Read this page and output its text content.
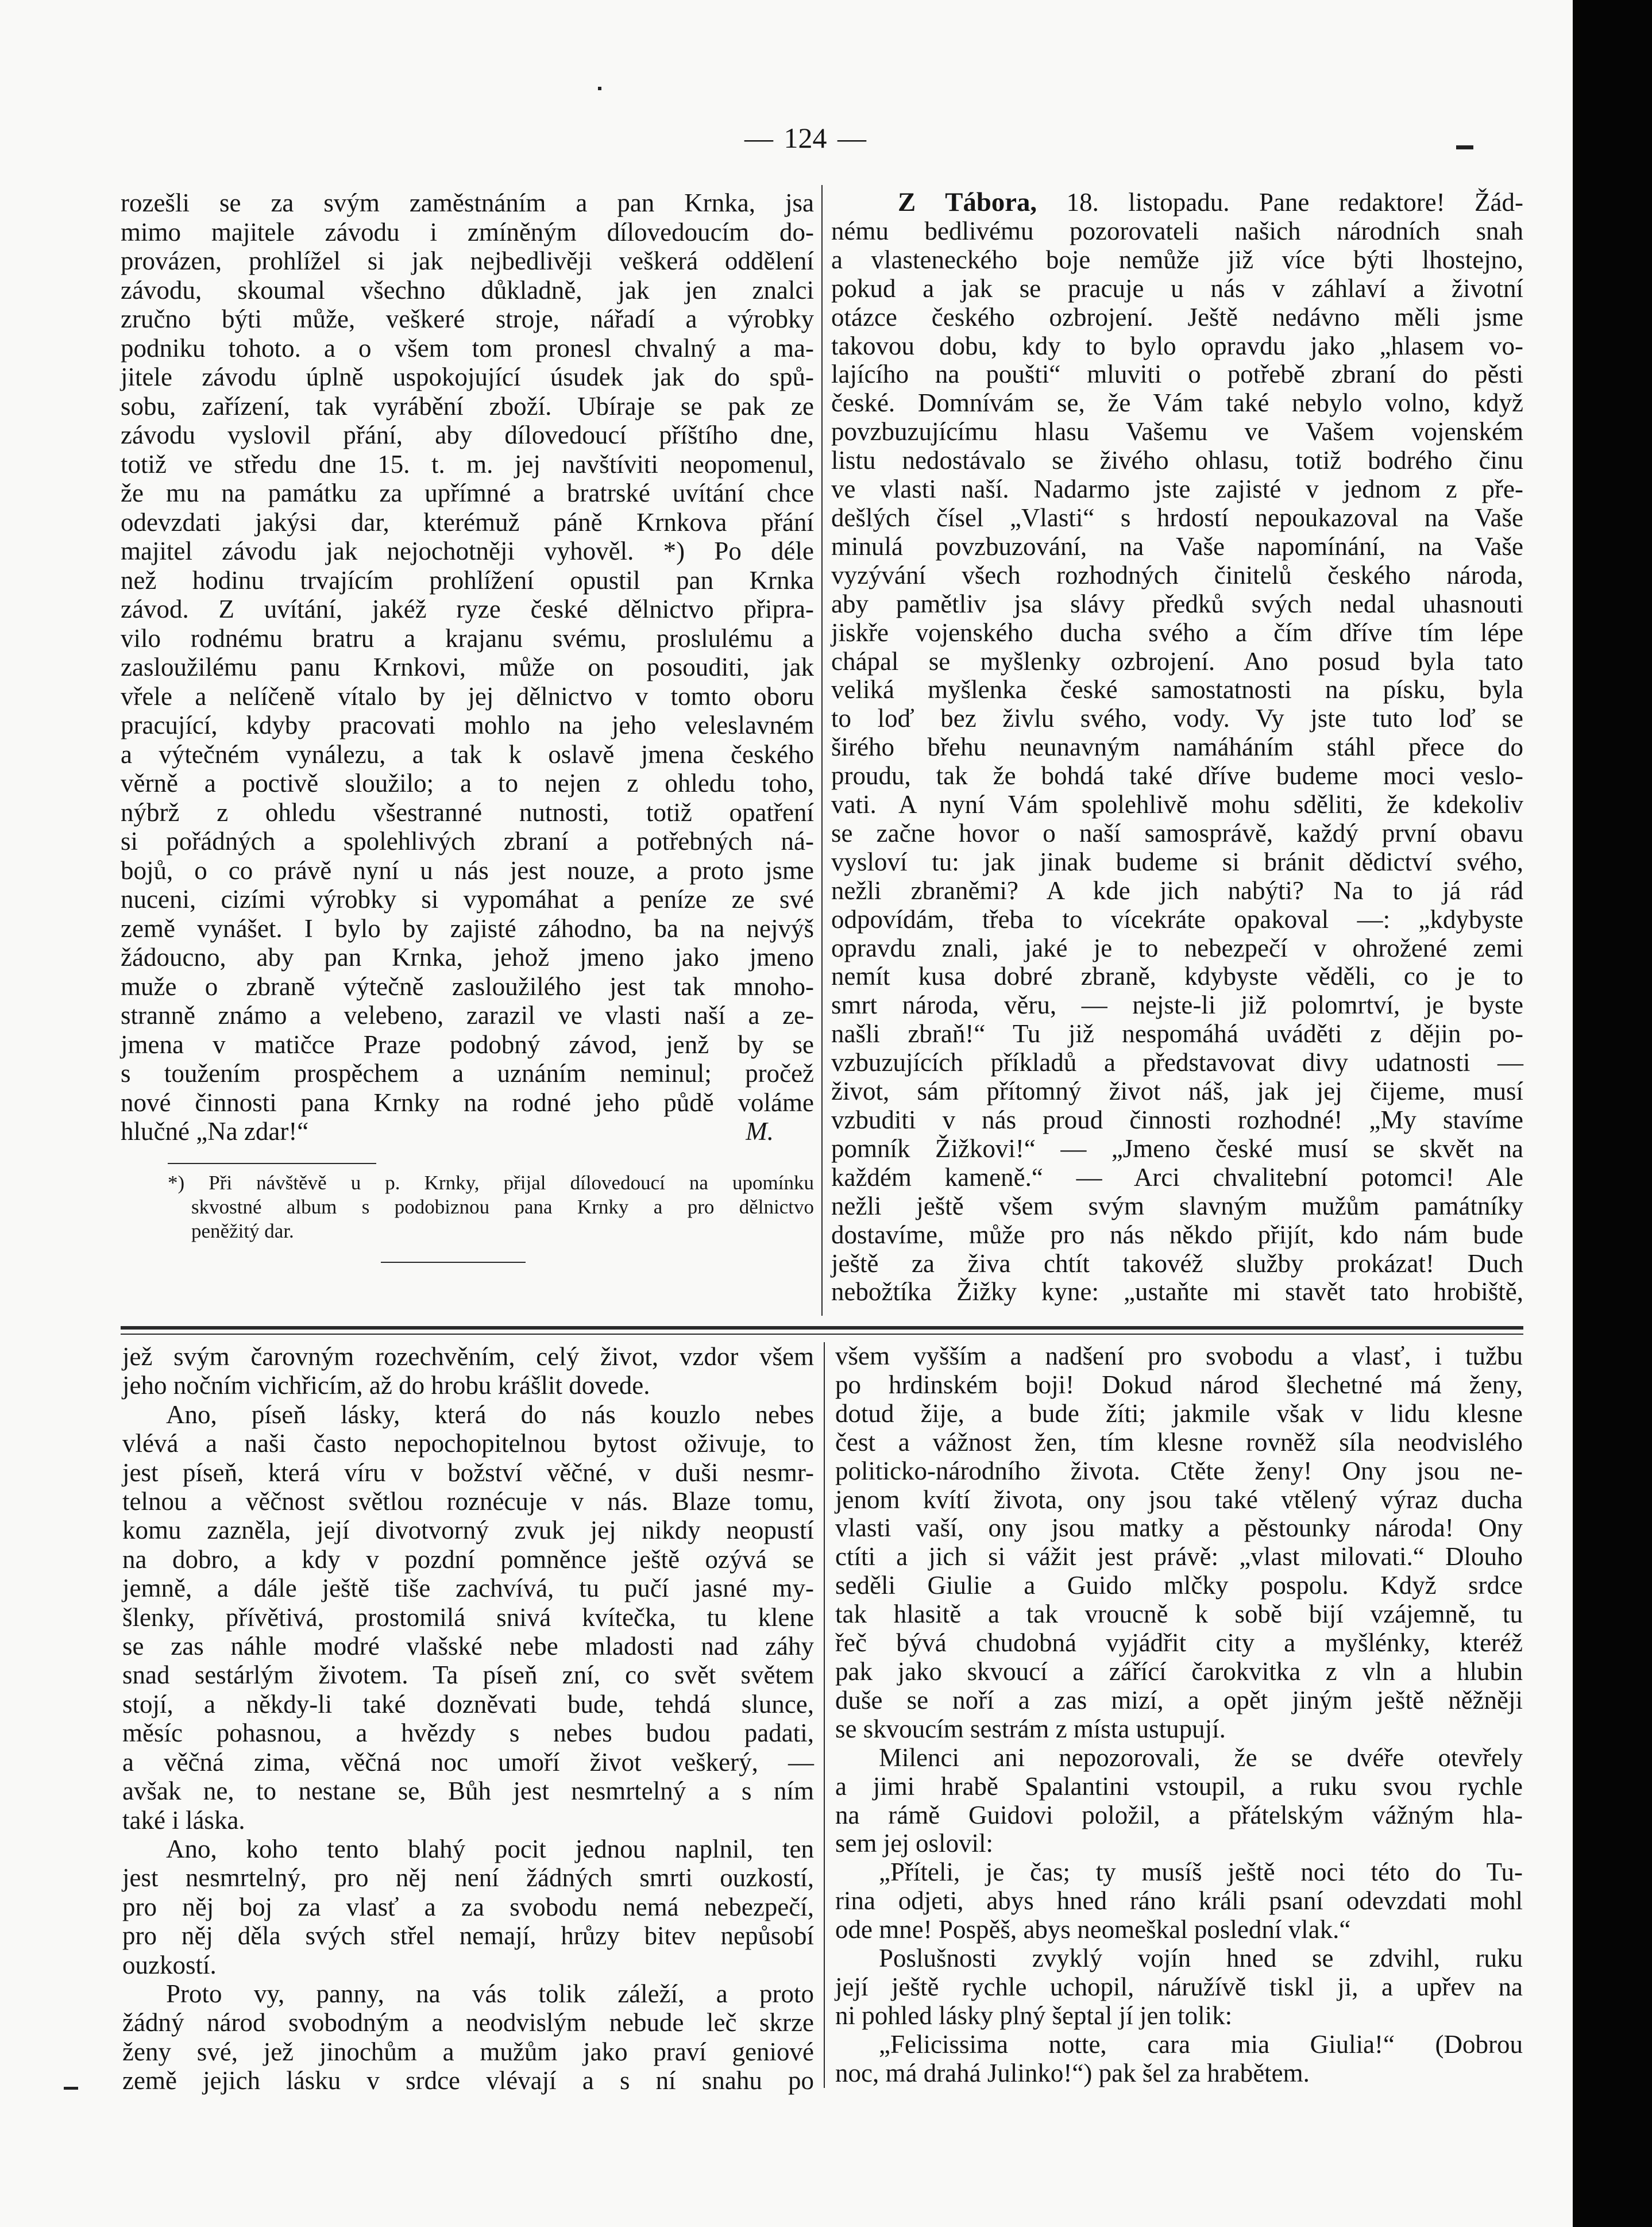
— 124 —
rozešli se za svým zaměstnáním a pan Krnka, jsa
mimo majitele závodu i zmíněným dílovedoucím do-
provázen, prohlížel si jak nejbedlivěji veškerá oddělení
závodu, skoumal všechno důkladně, jak jen znalci
zručno býti může, veškeré stroje, nářadí a výrobky
podniku tohoto. a o všem tom pronesl chvalný a ma-
jitele závodu úplně uspokojující úsudek jak do spů-
sobu, zařízení, tak vyrábění zboží. Ubíraje se pak ze
závodu vyslovil přání, aby dílovedoucí příštího dne,
totiž ve středu dne 15. t. m. jej navštíviti neopomenul,
že mu na památku za upřímné a bratrské uvítání chce
odevzdati jakýsi dar, kterémuž páně Krnkova přání
majitel závodu jak nejochotněji vyhověl. *) Po déle
než hodinu trvajícím prohlížení opustil pan Krnka
závod. Z uvítání, jakéž ryze české dělnictvo připra-
vilo rodnému bratru a krajanu svému, proslulému a
zasloužilému panu Krnkovi, může on posouditi, jak
vřele a nelíčeně vítalo by jej dělnictvo v tomto oboru
pracující, kdyby pracovati mohlo na jeho veleslavném
a výtečném vynálezu, a tak k oslavě jmena českého
věrně a poctivě sloužilo; a to nejen z ohledu toho,
nýbrž z ohledu všestranné nutnosti, totiž opatření
si pořádných a spolehlivých zbraní a potřebných ná-
bojů, o co právě nyní u nás jest nouze, a proto jsme
nuceni, cizími výrobky si vypomáhat a peníze ze své
země vynášet. I bylo by zajisté záhodno, ba na nejvýš
žádoucno, aby pan Krnka, jehož jmeno jako jmeno
muže o zbraně výtečně zasloužilého jest tak mnoho-
stranně známo a velebeno, zarazil ve vlasti naší a ze-
jmena v matičce Praze podobný závod, jenž by se
s toužením prospěchem a uznáním neminul; pročež
nové činnosti pana Krnky na rodné jeho půdě voláme
hlučné „Na zdar!“	M.
*) Při návštěvě u p. Krnky, přijal dílovedoucí na upomínku
skvostné album s podobiznou pana Krnky a pro dělnictvo
peněžitý dar.
Z Tábora, 18. listopadu. Pane redaktore! Žád-
nému bedlivému pozorovateli našich národních snah
a vlasteneckého boje nemůže již více býti lhostejno,
pokud a jak se pracuje u nás v záhlaví a životní
otázce českého ozbrojení. Ještě nedávno měli jsme
takovou dobu, kdy to bylo opravdu jako „hlasem vo-
lajícího na poušti“ mluviti o potřebě zbraní do pěsti
české. Domnívám se, že Vám také nebylo volno, když
povzbuzujícímu hlasu Vašemu ve Vašem vojenském
listu nedostávalo se živého ohlasu, totiž bodrého činu
ve vlasti naší. Nadarmo jste zajisté v jednom z pře-
dešlých čísel „Vlasti“ s hrdostí nepoukazoval na Vaše
minulá povzbuzování, na Vaše napomínání, na Vaše
vyzývání všech rozhodných činitelů českého národa,
aby pamětliv jsa slávy předků svých nedal uhasnouti
jiskře vojenského ducha svého a čím dříve tím lépe
chápal se myšlenky ozbrojení. Ano posud byla tato
veliká myšlenka české samostatnosti na písku, byla
to loď bez živlu svého, vody. Vy jste tuto loď se
širého břehu neunavným namáháním stáhl přece do
proudu, tak že bohdá také dříve budeme moci veslo-
vati. A nyní Vám spolehlivě mohu sděliti, že kdekoliv
se začne hovor o naší samosprávě, každý první obavu
vysloví tu: jak jinak budeme si bránit dědictví svého,
nežli zbraněmi? A kde jich nabýti? Na to já rád
odpovídám, třeba to vícekráte opakoval —: „kdybyste
opravdu znali, jaké je to nebezpečí v ohrožené zemi
nemít kusa dobré zbraně, kdybyste věděli, co je to
smrt národa, věru, — nejste-li již polomrtví, je byste
našli zbraň!“ Tu již nespomáhá uváděti z dějin po-
vzbuzujících příkladů a představovat divy udatnosti —
život, sám přítomný život náš, jak jej čijeme, musí
vzbuditi v nás proud činnosti rozhodné! „My stavíme
pomník Žižkovi!“ — „Jmeno české musí se skvět na
každém kameně.“ — Arci chvalitební potomci! Ale
nežli ještě všem svým slavným mužům památníky
dostavíme, může pro nás někdo přijít, kdo nám bude
ještě za živa chtít takovéž služby prokázat! Duch
nebožtíka Žižky kyne: „ustaňte mi stavět tato hrobiště,
jež svým čarovným rozechvěním, celý život, vzdor všem
jeho nočním vichřicím, až do hrobu krášlit dovede.
Ano, píseň lásky, která do nás kouzlo nebes
vlévá a naši často nepochopitelnou bytost oživuje, to
jest píseň, která víru v božství věčné, v duši nesmr-
telnou a věčnost světlou roznécuje v nás. Blaze tomu,
komu zazněla, její divotvorný zvuk jej nikdy neopustí
na dobro, a kdy v pozdní pomněnce ještě ozývá se
jemně, a dále ještě tiše zachvívá, tu pučí jasné my-
šlenky, přívětivá, prostomilá snivá kvítečka, tu klene
se zas náhle modré vlašské nebe mladosti nad záhy
snad sestárlým životem. Ta píseň zní, co svět světem
stojí, a někdy-li také dozněvati bude, tehdá slunce,
měsíc pohasnou, a hvězdy s nebes budou padati,
a věčná zima, věčná noc umoří život veškerý, —
avšak ne, to nestane se, Bůh jest nesmrtelný a s ním
také i láska.
Ano, koho tento blahý pocit jednou naplnil, ten
jest nesmrtelný, pro něj není žádných smrti ouzkostí,
pro něj boj za vlasť a za svobodu nemá nebezpečí,
pro něj děla svých střel nemají, hrůzy bitev nepůsobí
ouzkostí.
Proto vy, panny, na vás tolik záleží, a proto
žádný národ svobodným a neodvislým nebude leč skrze
ženy své, jež jinochům a mužům jako praví geniové
země jejich lásku v srdce vlévají a s ní snahu po
všem vyšším a nadšení pro svobodu a vlasť, i tužbu
po hrdinském boji! Dokud národ šlechetné má ženy,
dotud žije, a bude žíti; jakmile však v lidu klesne
čest a vážnost žen, tím klesne rovněž síla neodvislého
politicko-národního života. Ctěte ženy! Ony jsou ne-
jenom kvítí života, ony jsou také vtělený výraz ducha
vlasti vaší, ony jsou matky a pěstounky národa! Ony
ctíti a jich si vážit jest právě: „vlast milovati.“ Dlouho
seděli Giulie a Guido mlčky pospolu. Když srdce
tak hlasitě a tak vroucně k sobě bijí vzájemně, tu
řeč bývá chudobná vyjádřit city a myšlénky, kteréž
pak jako skvoucí a zářící čarokvitka z vln a hlubin
duše se noří a zas mizí, a opět jiným ještě něžněji
se skvoucím sestrám z místa ustupují.
Milenci ani nepozorovali, že se dvéře otevřely
a jimi hrabě Spalantini vstoupil, a ruku svou rychle
na rámě Guidovi položil, a přátelským vážným hla-
sem jej oslovil:
„Příteli, je čas; ty musíš ještě noci této do Tu-
rina odjeti, abys hned ráno králi psaní odevzdati mohl
ode mne! Pospěš, abys neomeškal poslední vlak.“
Poslušnosti zvyklý vojín hned se zdvihl, ruku
její ještě rychle uchopil, náružívě tiskl ji, a upřev na
ni pohled lásky plný šeptal jí jen tolik:
„Felicissima notte, cara mia Giulia!“ (Dobrou
noc, má drahá Julinko!“) pak šel za hrabětem.
